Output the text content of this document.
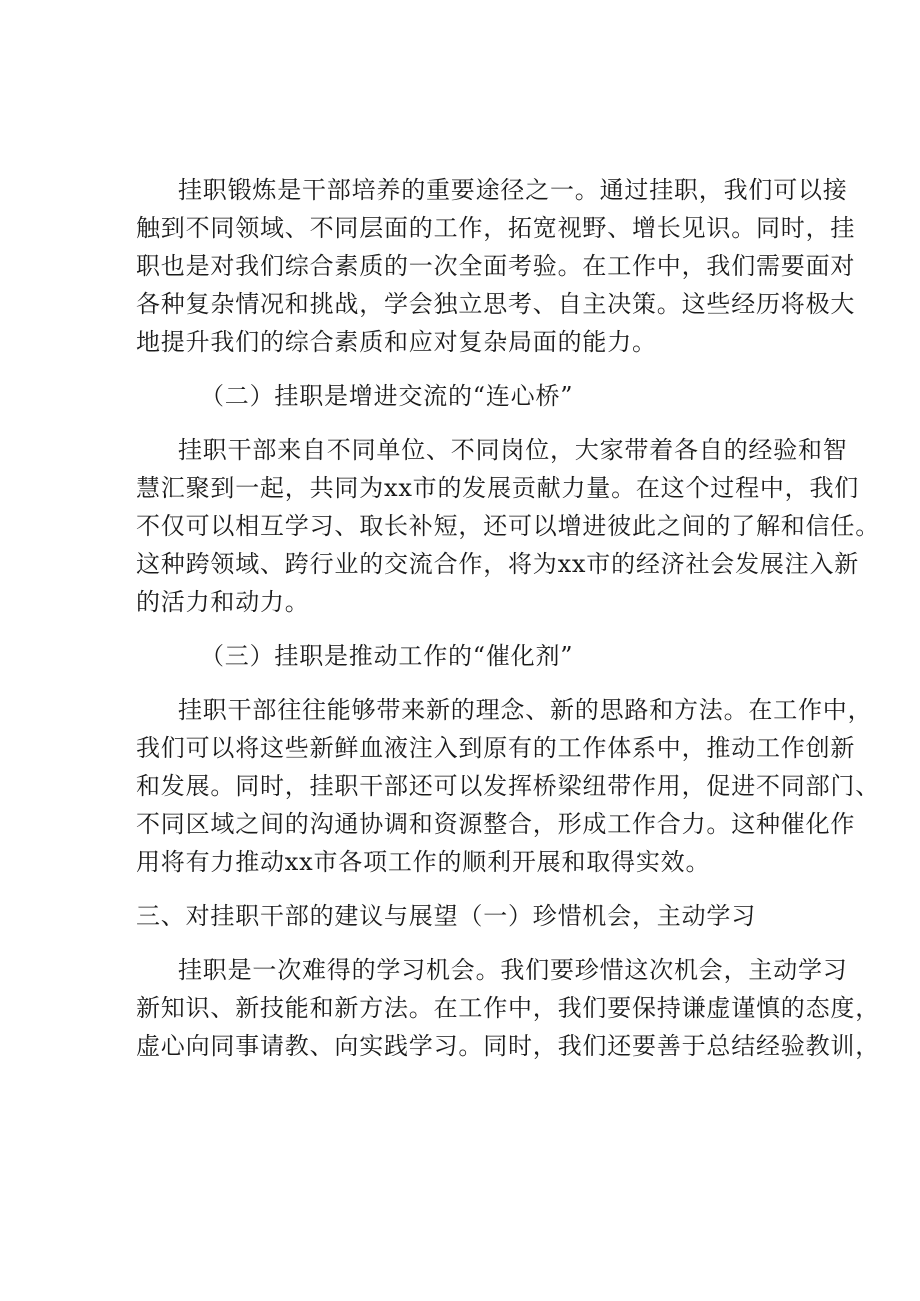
挂职锻炼是干部培养的重要途径之一。通过挂职，我们可以接
触到不同领域、不同层面的工作，拓宽视野、增长见识。同时，挂
职也是对我们综合素质的一次全面考验。在工作中，我们需要面对
各种复杂情况和挑战，学会独立思考、自主决策。这些经历将极大
地提升我们的综合素质和应对复杂局面的能力。
（二）挂职是增进交流的“连心桥”
挂职干部来自不同单位、不同岗位，大家带着各自的经验和智
慧汇聚到一起，共同为xx市的发展贡献力量。在这个过程中，我们
不仅可以相互学习、取长补短，还可以增进彼此之间的了解和信任。
这种跨领域、跨行业的交流合作，将为xx市的经济社会发展注入新
的活力和动力。
（三）挂职是推动工作的“催化剂”
挂职干部往往能够带来新的理念、新的思路和方法。在工作中，
我们可以将这些新鲜血液注入到原有的工作体系中，推动工作创新
和发展。同时，挂职干部还可以发挥桥梁纽带作用，促进不同部门、
不同区域之间的沟通协调和资源整合，形成工作合力。这种催化作
用将有力推动xx市各项工作的顺利开展和取得实效。
三、对挂职干部的建议与展望（一）珍惜机会，主动学习
挂职是一次难得的学习机会。我们要珍惜这次机会，主动学习
新知识、新技能和新方法。在工作中，我们要保持谦虚谨慎的态度，
虚心向同事请教、向实践学习。同时，我们还要善于总结经验教训，
